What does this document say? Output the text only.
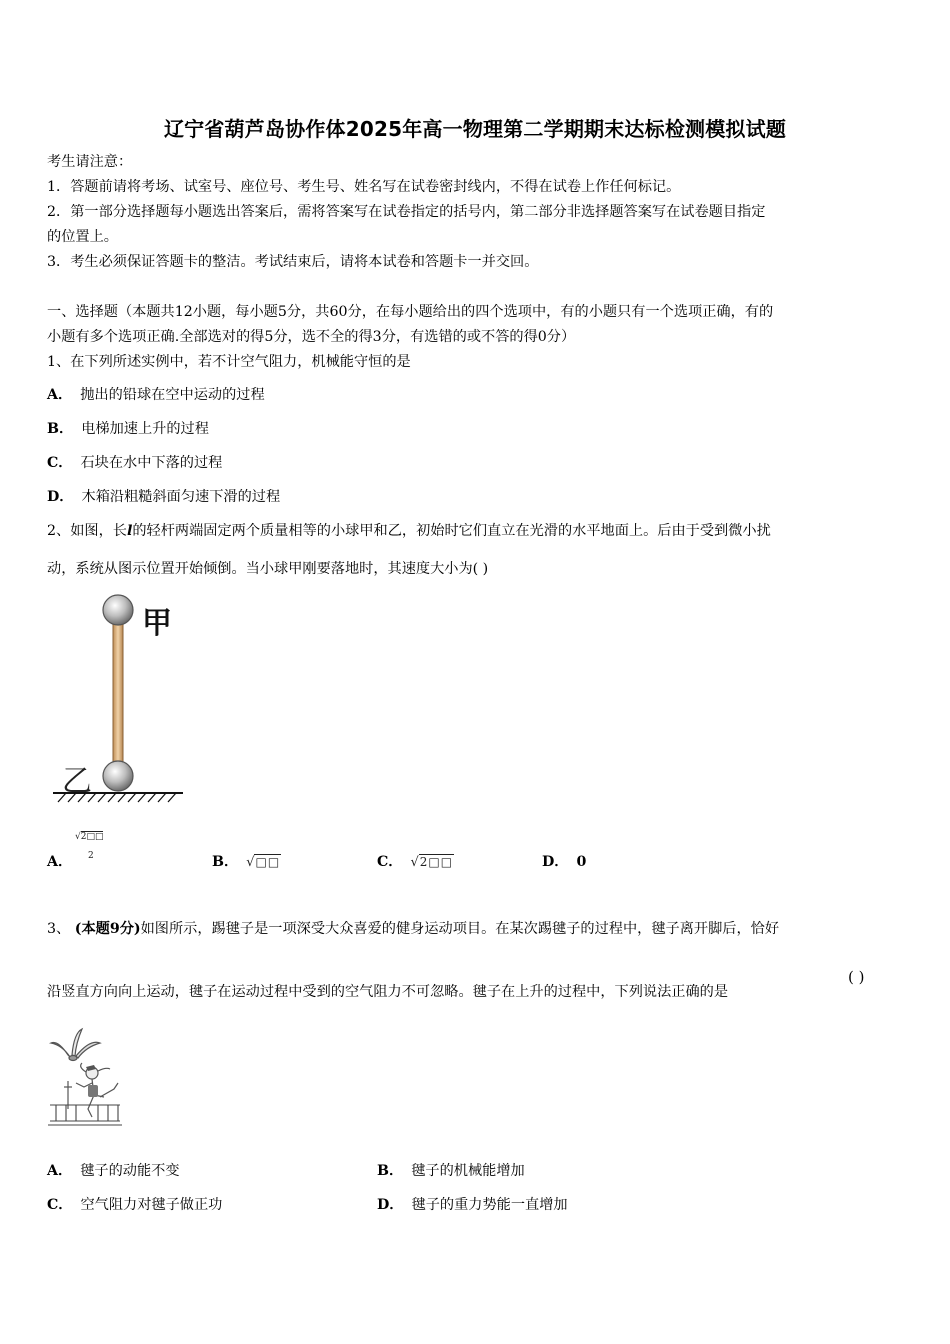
辽宁省葫芦岛协作体2025年高一物理第二学期期末达标检测模拟试题
考生请注意：
1．答题前请将考场、试室号、座位号、考生号、姓名写在试卷密封线内，不得在试卷上作任何标记。
2．第一部分选择题每小题选出答案后，需将答案写在试卷指定的括号内，第二部分非选择题答案写在试卷题目指定
的位置上。
3．考生必须保证答题卡的整洁。考试结束后，请将本试卷和答题卡一并交回。
一、选择题（本题共12小题，每小题5分，共60分，在每小题给出的四个选项中，有的小题只有一个选项正确，有的
小题有多个选项正确.全部选对的得5分，选不全的得3分，有选错的或不答的得0分）
1、在下列所述实例中，若不计空气阻力，机械能守恒的是
A． 抛出的铅球在空中运动的过程
B． 电梯加速上升的过程
C． 石块在水中下落的过程
D． 木箱沿粗糙斜面匀速下滑的过程
2、如图，长l的轻杆两端固定两个质量相等的小球甲和乙，初始时它们直立在光滑的水平地面上。后由于受到微小扰
动，系统从图示位置开始倾倒。当小球甲刚要落地时，其速度大小为( )
甲
乙
A．
√2□□
2	B． √□□	C． √2□□	D． 0
3、 (本题9分)如图所示，踢毽子是一项深受大众喜爱的健身运动项目。在某次踢毽子的过程中，毽子离开脚后，恰好
沿竖直方向向上运动，毽子在运动过程中受到的空气阻力不可忽略。毽子在上升的过程中，下列说法正确的是
( )
A． 毽子的动能不变	B． 毽子的机械能增加
C． 空气阻力对毽子做正功	D． 毽子的重力势能一直增加
